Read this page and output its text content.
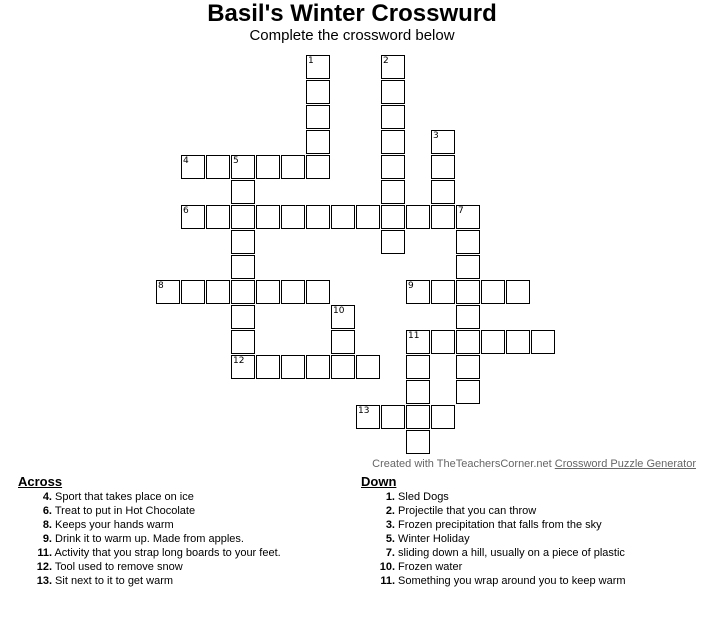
Basil's Winter Crosswurd
Complete the crossword below
1	2
3
4	5
6	7
8	9
10
11
12
13
Created with TheTeachersCorner.net Crossword Puzzle Generator
Across
4. Sport that takes place on ice
6. Treat to put in Hot Chocolate
8. Keeps your hands warm
9. Drink it to warm up. Made from apples.
11. Activity that you strap long boards to your feet.
12. Tool used to remove snow
13. Sit next to it to get warm
Down
1. Sled Dogs
2. Projectile that you can throw
3. Frozen precipitation that falls from the sky
5. Winter Holiday
7. sliding down a hill, usually on a piece of plastic
10. Frozen water
11. Something you wrap around you to keep warm
